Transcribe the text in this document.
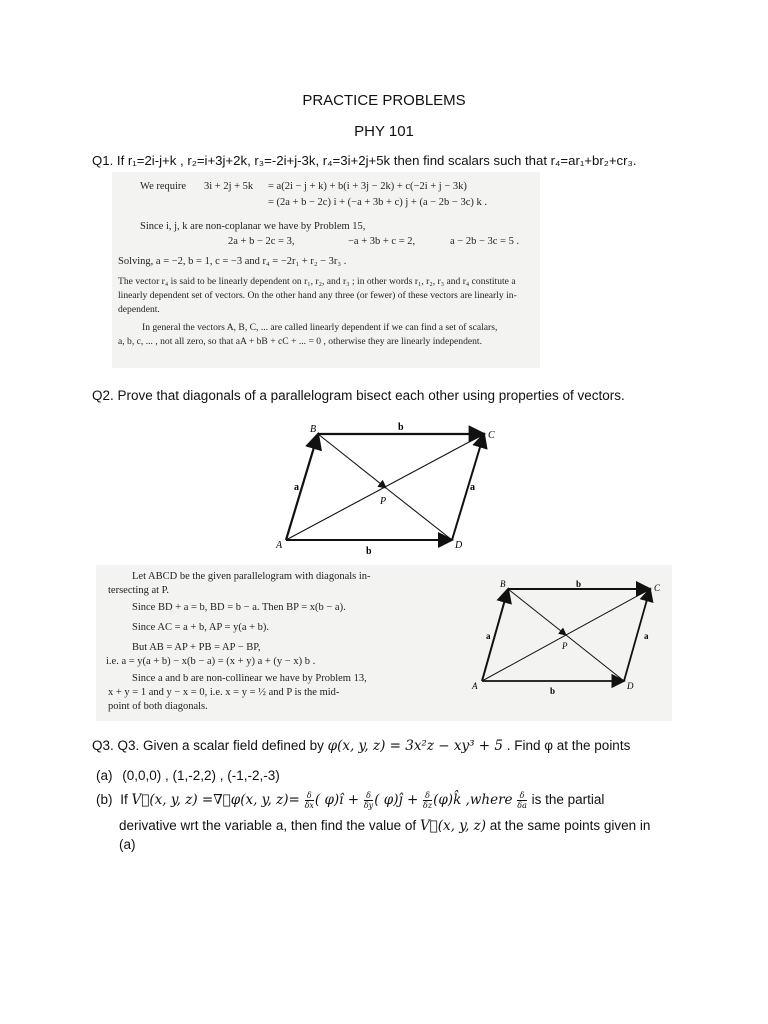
PRACTICE PROBLEMS
PHY 101
Q1. If r₁=2i-j+k , r₂=i+3j+2k, r₃=-2i+j-3k, r₄=3i+2j+5k then find scalars such that r₄=ar₁+br₂+cr₃.
We require 3i + 2j + 5k = a(2i − j + k) + b(i + 3j − 2k) + c(−2i + j − 3k)
= (2a + b − 2c) i + (−a + 3b + c) j + (a − 2b − 3c) k .
Since i, j, k are non-coplanar we have by Problem 15,
2a + b − 2c = 3,	−a + 3b + c = 2,	a − 2b − 3c = 5 .
Solving, a = −2, b = 1, c = −3 and r₄ = −2r₁ + r₂ − 3r₃ .
The vector r₄ is said to be linearly dependent on r₁, r₂, and r₃ ; in other words r₁, r₂, r₃ and r₄ constitute a
linearly dependent set of vectors. On the other hand any three (or fewer) of these vectors are linearly in-
dependent.
In general the vectors A, B, C, ... are called linearly dependent if we can find a set of scalars,
a, b, c, ... , not all zero, so that aA + bB + cC + ... = 0 , otherwise they are linearly independent.
Q2. Prove that diagonals of a parallelogram bisect each other using properties of vectors.
B
C
A	D
P
b
b
a	a
Let ABCD be the given parallelogram with diagonals in-
tersecting at P.
Since BD + a = b, BD = b − a. Then BP = x(b − a).
Since AC = a + b, AP = y(a + b).
But AB = AP + PB = AP − BP,
i.e. a = y(a + b) − x(b − a) = (x + y) a + (y − x) b .
Since a and b are non-collinear we have by Problem 13,
x + y = 1 and y − x = 0, i.e. x = y = ½ and P is the mid-
point of both diagonals.
B	C
A	D
P
b
b
a	a
Q3. Q3. Given a scalar field defined by φ(x, y, z) = 3x²z − xy³ + 5 . Find φ at the points
(a) (0,0,0) , (1,-2,2) , (-1,-2,-3)
(b) If V⃗(x, y, z) =∇⃗φ(x, y, $z)= \frac{\delta}{\delta x}$ ( φ)î + $\frac{\delta}{\delta y}$ ( φ)ĵ + $\frac{\delta}{\delta z}$ (φ)k̂ ,where $\frac{\delta}{\delta a}$ is the partial
derivative wrt the variable a, then find the value of V⃗(x, y, z) at the same points given in
(a)
